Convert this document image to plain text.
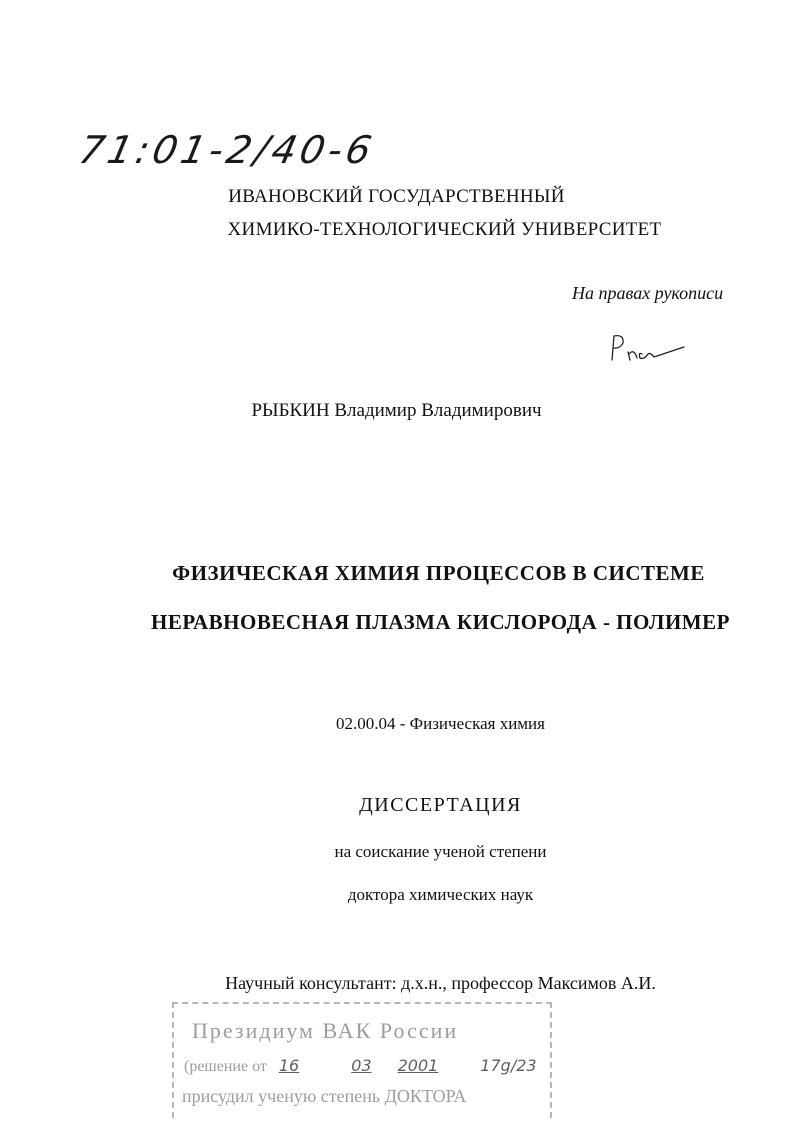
71:01-2/40-6
ИВАНОВСКИЙ ГОСУДАРСТВЕННЫЙ
ХИМИКО-ТЕХНОЛОГИЧЕСКИЙ УНИВЕРСИТЕТ
На правах рукописи
РЫБКИН Владимир Владимирович
ФИЗИЧЕСКАЯ ХИМИЯ ПРОЦЕССОВ В СИСТЕМЕ
НЕРАВНОВЕСНАЯ ПЛАЗМА КИСЛОРОДА - ПОЛИМЕР
02.00.04 - Физическая химия
ДИССЕРТАЦИЯ
на соискание ученой степени
доктора химических наук
Научный консультант: д.х.н., профессор Максимов А.И.
Президиум ВАК России
(решение от 16	03 2001	17g/23
присудил ученую степень ДОКТОРА
